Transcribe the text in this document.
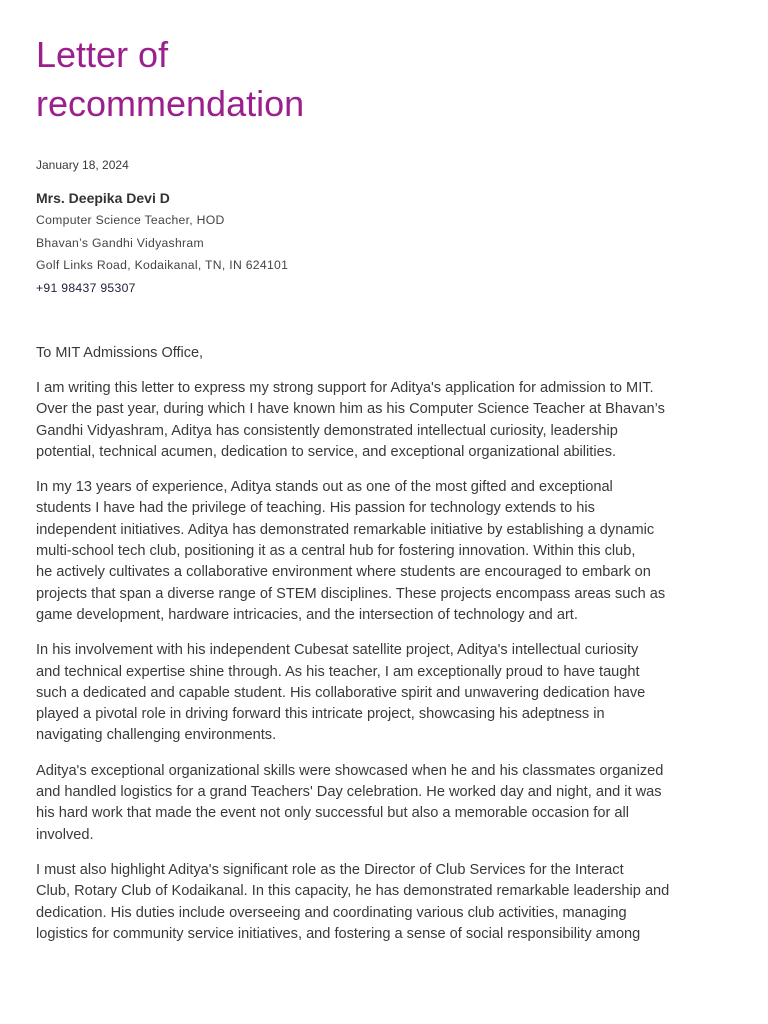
Letter of
recommendation
January 18, 2024
Mrs. Deepika Devi D
Computer Science Teacher, HOD
Bhavan’s Gandhi Vidyashram
Golf Links Road, Kodaikanal, TN, IN 624101
+91 98437 95307
To MIT Admissions Office,
I am writing this letter to express my strong support for Aditya's application for admission to MIT.
Over the past year, during which I have known him as his Computer Science Teacher at Bhavan’s
Gandhi Vidyashram, Aditya has consistently demonstrated intellectual curiosity, leadership
potential, technical acumen, dedication to service, and exceptional organizational abilities.
In my 13 years of experience, Aditya stands out as one of the most gifted and exceptional
students I have had the privilege of teaching. His passion for technology extends to his
independent initiatives. Aditya has demonstrated remarkable initiative by establishing a dynamic
multi-school tech club, positioning it as a central hub for fostering innovation. Within this club,
he actively cultivates a collaborative environment where students are encouraged to embark on
projects that span a diverse range of STEM disciplines. These projects encompass areas such as
game development, hardware intricacies, and the intersection of technology and art.
In his involvement with his independent Cubesat satellite project, Aditya's intellectual curiosity
and technical expertise shine through. As his teacher, I am exceptionally proud to have taught
such a dedicated and capable student. His collaborative spirit and unwavering dedication have
played a pivotal role in driving forward this intricate project, showcasing his adeptness in
navigating challenging environments.
Aditya's exceptional organizational skills were showcased when he and his classmates organized
and handled logistics for a grand Teachers' Day celebration. He worked day and night, and it was
his hard work that made the event not only successful but also a memorable occasion for all
involved.
I must also highlight Aditya's significant role as the Director of Club Services for the Interact
Club, Rotary Club of Kodaikanal. In this capacity, he has demonstrated remarkable leadership and
dedication. His duties include overseeing and coordinating various club activities, managing
logistics for community service initiatives, and fostering a sense of social responsibility among
